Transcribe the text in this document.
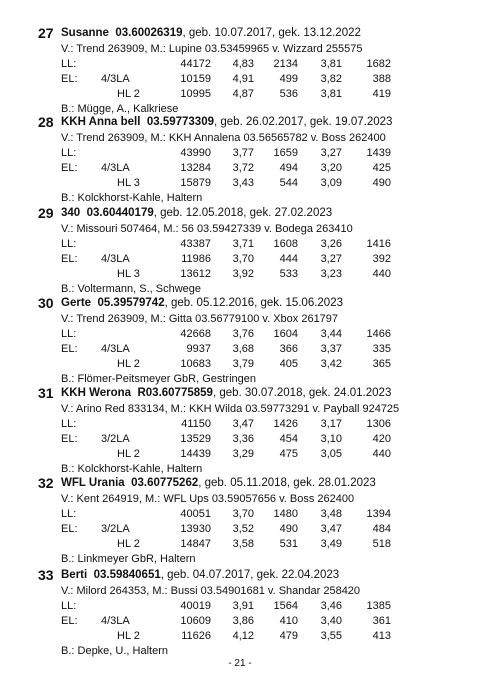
27 Susanne 03.60026319, geb. 10.07.2017, gek. 13.12.2022
V.: Trend 263909, M.: Lupine 03.53459965 v. Wizzard 255575
LL:	44172	4,83	2134	3,81	1682
EL: 4/3LA	10159	4,91	499	3,82	388
HL 2	10995	4,87	536	3,81	419
B.: Mügge, A., Kalkriese
28 KKH Anna bell 03.59773309, geb. 26.02.2017, gek. 19.07.2023
V.: Trend 263909, M.: KKH Annalena 03.56565782 v. Boss 262400
LL:	43990	3,77	1659	3,27	1439
EL: 4/3LA	13284	3,72	494	3,20	425
HL 3	15879	3,43	544	3,09	490
B.: Kolckhorst-Kahle, Haltern
29 340 03.60440179, geb. 12.05.2018, gek. 27.02.2023
V.: Missouri 507464, M.: 56 03.59427339 v. Bodega 263410
LL:	43387	3,71	1608	3,26	1416
EL: 4/3LA	11986	3,70	444	3,27	392
HL 3	13612	3,92	533	3,23	440
B.: Voltermann, S., Schwege
30 Gerte 05.39579742, geb. 05.12.2016, gek. 15.06.2023
V.: Trend 263909, M.: Gitta 03.56779100 v. Xbox 261797
LL:	42668	3,76	1604	3,44	1466
EL: 4/3LA	9937	3,68	366	3,37	335
HL 2	10683	3,79	405	3,42	365
B.: Flömer-Peitsmeyer GbR, Gestringen
31 KKH Werona R03.60775859, geb. 30.07.2018, gek. 24.01.2023
V.: Arino Red 833134, M.: KKH Wilda 03.59773291 v. Payball 924725
LL:	41150	3,47	1426	3,17	1306
EL: 3/2LA	13529	3,36	454	3,10	420
HL 2	14439	3,29	475	3,05	440
B.: Kolckhorst-Kahle, Haltern
32 WFL Urania 03.60775262, geb. 05.11.2018, gek. 28.01.2023
V.: Kent 264919, M.: WFL Ups 03.59057656 v. Boss 262400
LL:	40051	3,70	1480	3,48	1394
EL: 3/2LA	13930	3,52	490	3,47	484
HL 2	14847	3,58	531	3,49	518
B.: Linkmeyer GbR, Haltern
33 Berti 03.59840651, geb. 04.07.2017, gek. 22.04.2023
V.: Milord 264353, M.: Bussi 03.54901681 v. Shandar 258420
LL:	40019	3,91	1564	3,46	1385
EL: 4/3LA	10609	3,86	410	3,40	361
HL 2	11626	4,12	479	3,55	413
B.: Depke, U., Haltern
- 21 -
